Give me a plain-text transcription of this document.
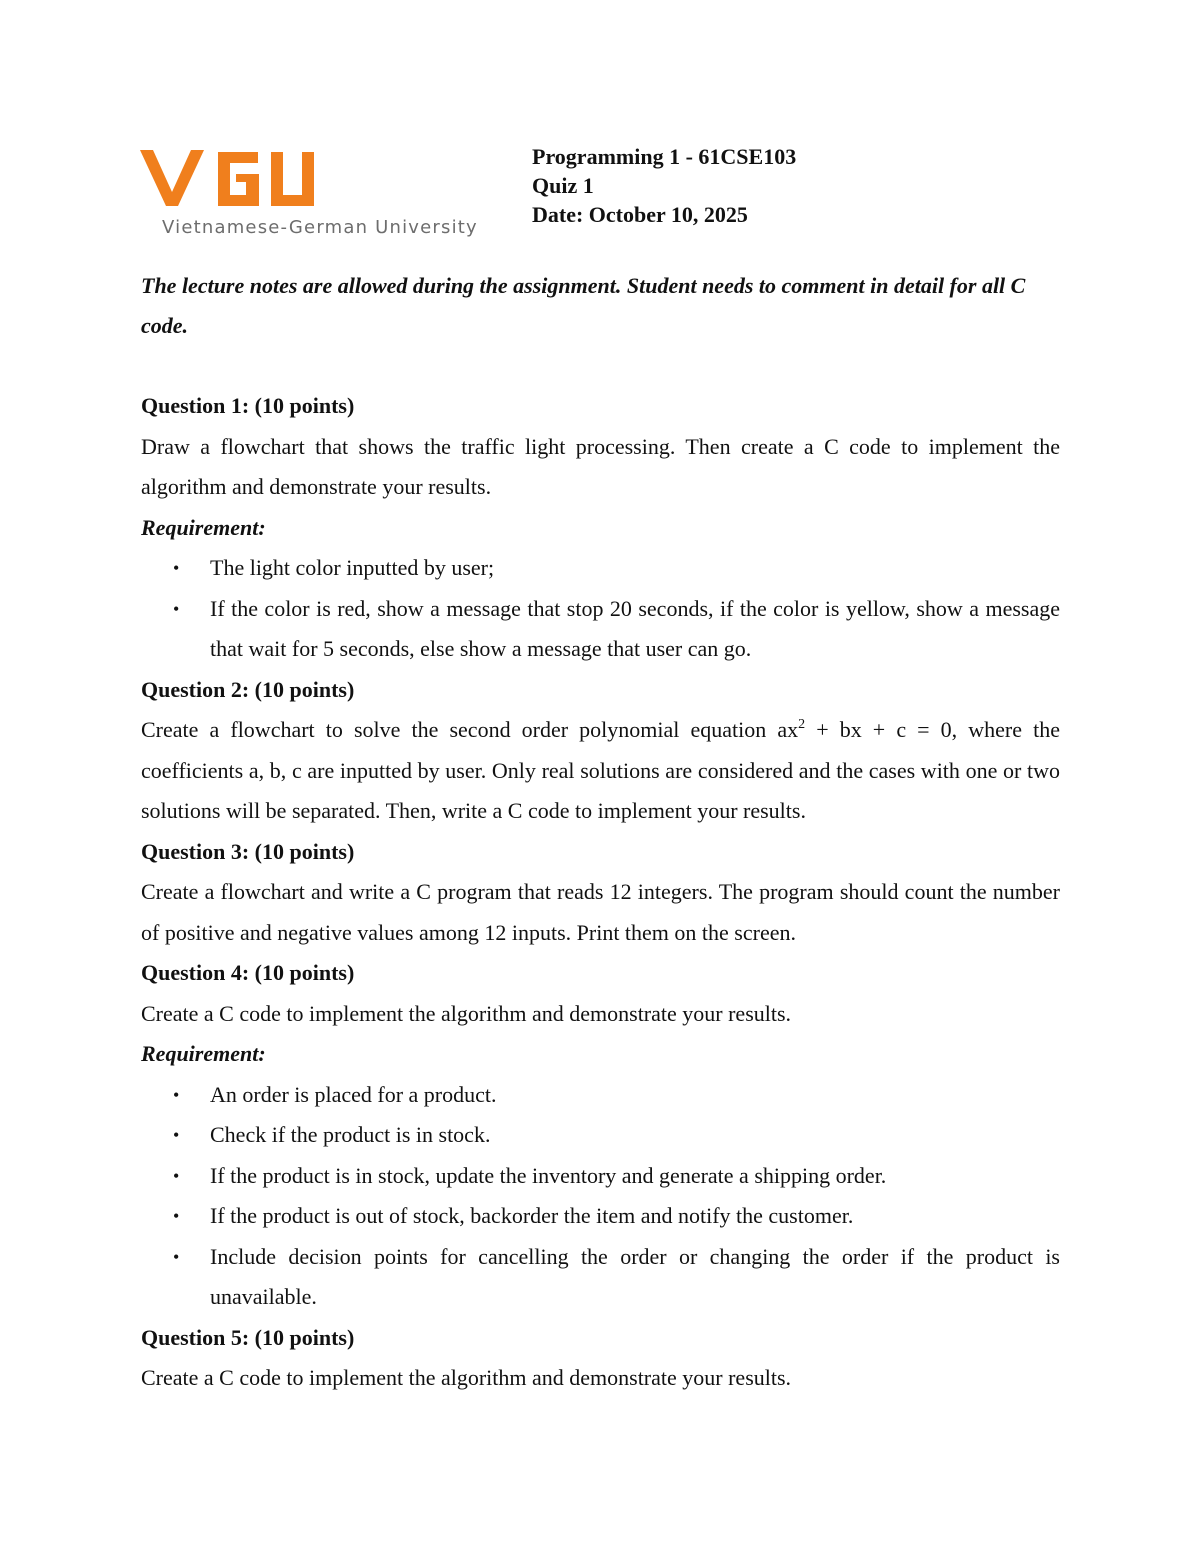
Vietnamese-German University
Programming 1 - 61CSE103
Quiz 1
Date: October 10, 2025
The lecture notes are allowed during the assignment. Student needs to comment in detail for all C code.
Question 1: (10 points)
Draw a flowchart that shows the traffic light processing. Then create a C code to implement the algorithm and demonstrate your results.
Requirement:
• The light color inputted by user;
• If the color is red, show a message that stop 20 seconds, if the color is yellow, show a message that wait for 5 seconds, else show a message that user can go.
Question 2: (10 points)
Create a flowchart to solve the second order polynomial equation $ax^2$ + bx + c = 0, where the coefficients a, b, c are inputted by user. Only real solutions are considered and the cases with one or two solutions will be separated. Then, write a C code to implement your results.
Question 3: (10 points)
Create a flowchart and write a C program that reads 12 integers. The program should count the number of positive and negative values among 12 inputs. Print them on the screen.
Question 4: (10 points)
Create a C code to implement the algorithm and demonstrate your results.
Requirement:
• An order is placed for a product.
• Check if the product is in stock.
• If the product is in stock, update the inventory and generate a shipping order.
• If the product is out of stock, backorder the item and notify the customer.
• Include decision points for cancelling the order or changing the order if the product is unavailable.
Question 5: (10 points)
Create a C code to implement the algorithm and demonstrate your results.
